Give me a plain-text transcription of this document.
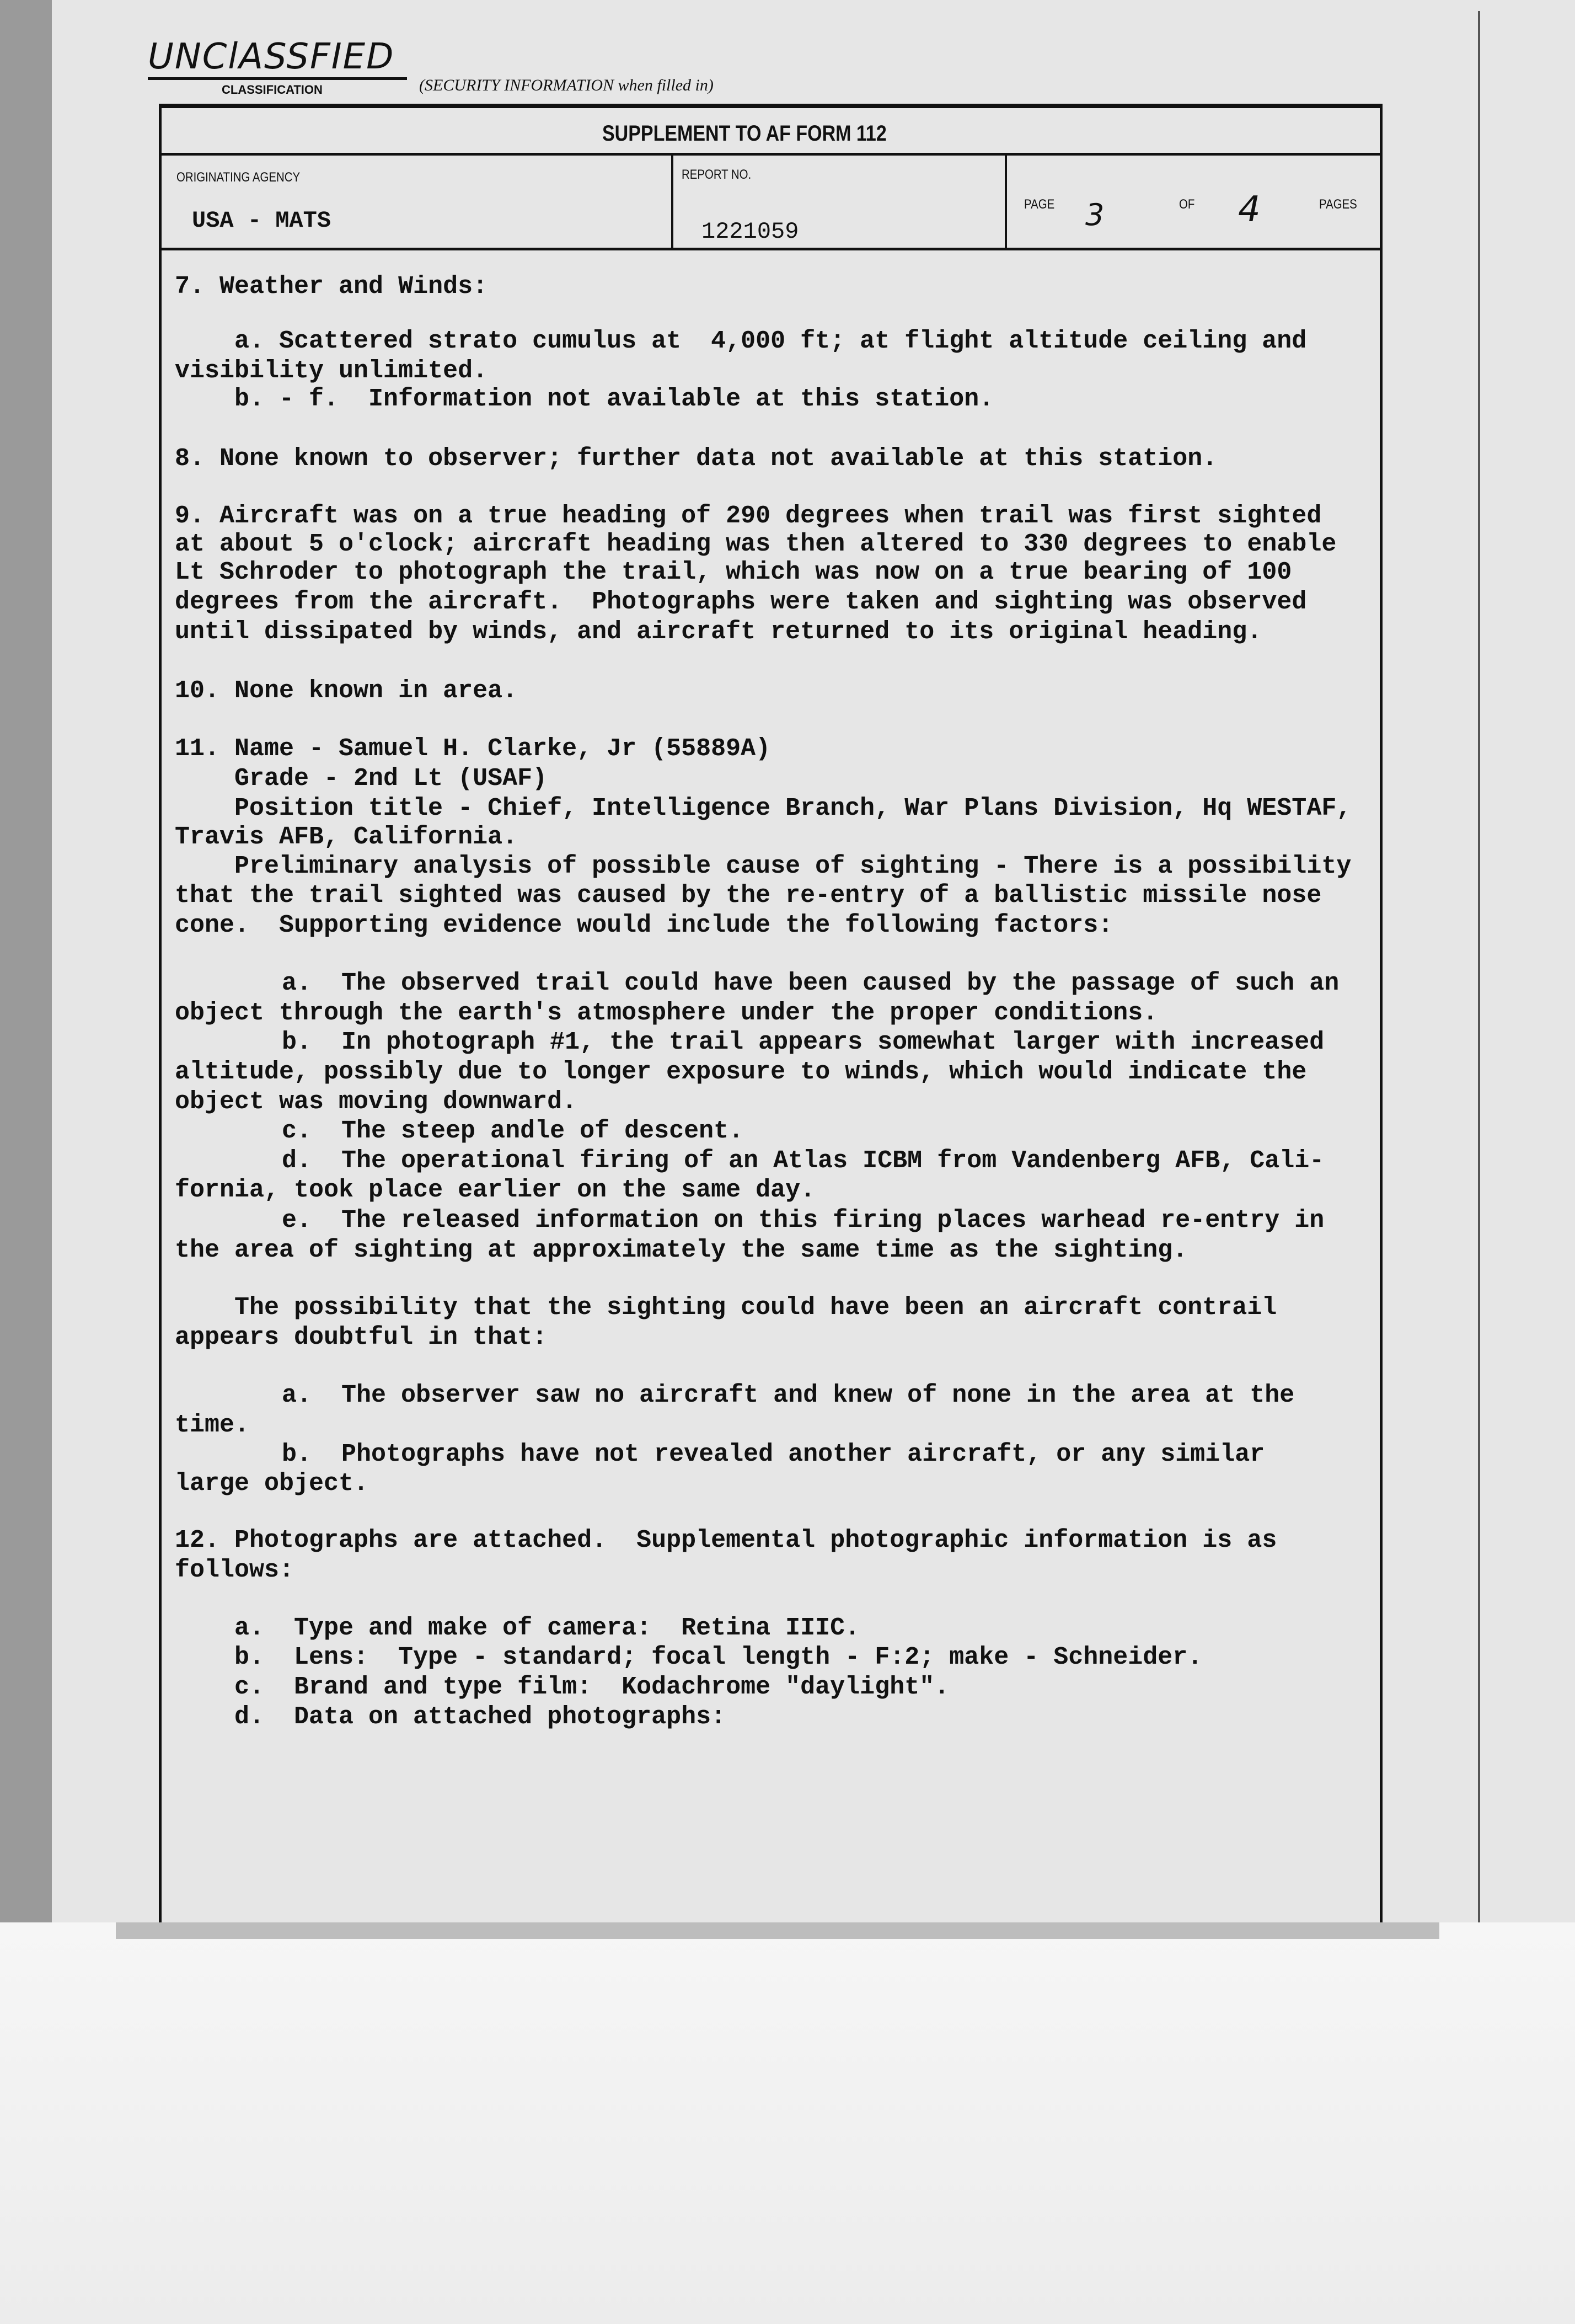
UNClASSFIED
CLASSIFICATION	(SECURITY INFORMATION when filled in)
SUPPLEMENT TO AF FORM 112
ORIGINATING AGENCY
USA - MATS
REPORT NO.
1221059
PAGE 3	OF 4	PAGES
7. Weather and Winds:
a. Scattered strato cumulus at  4,000 ft; at flight altitude ceiling and
visibility unlimited.
b. - f.  Information not available at this station.
8. None known to observer; further data not available at this station.
9. Aircraft was on a true heading of 290 degrees when trail was first sighted
at about 5 o'clock; aircraft heading was then altered to 330 degrees to enable
Lt Schroder to photograph the trail, which was now on a true bearing of 100
degrees from the aircraft.  Photographs were taken and sighting was observed
until dissipated by winds, and aircraft returned to its original heading.
10. None known in area.
11. Name - Samuel H. Clarke, Jr (55889A)
Grade - 2nd Lt (USAF)
Position title - Chief, Intelligence Branch, War Plans Division, Hq WESTAF,
Travis AFB, California.
Preliminary analysis of possible cause of sighting - There is a possibility
that the trail sighted was caused by the re-entry of a ballistic missile nose
cone.  Supporting evidence would include the following factors:
a.  The observed trail could have been caused by the passage of such an
object through the earth's atmosphere under the proper conditions.
b.  In photograph #1, the trail appears somewhat larger with increased
altitude, possibly due to longer exposure to winds, which would indicate the
object was moving downward.
c.  The steep andle of descent.
d.  The operational firing of an Atlas ICBM from Vandenberg AFB, Cali-
fornia, took place earlier on the same day.
e.  The released information on this firing places warhead re-entry in
the area of sighting at approximately the same time as the sighting.
The possibility that the sighting could have been an aircraft contrail
appears doubtful in that:
a.  The observer saw no aircraft and knew of none in the area at the
time.
b.  Photographs have not revealed another aircraft, or any similar
large object.
12. Photographs are attached.  Supplemental photographic information is as
follows:
a.  Type and make of camera:  Retina IIIC.
b.  Lens:  Type - standard; focal length - F:2; make - Schneider.
c.  Brand and type film:  Kodachrome "daylight".
d.  Data on attached photographs:
